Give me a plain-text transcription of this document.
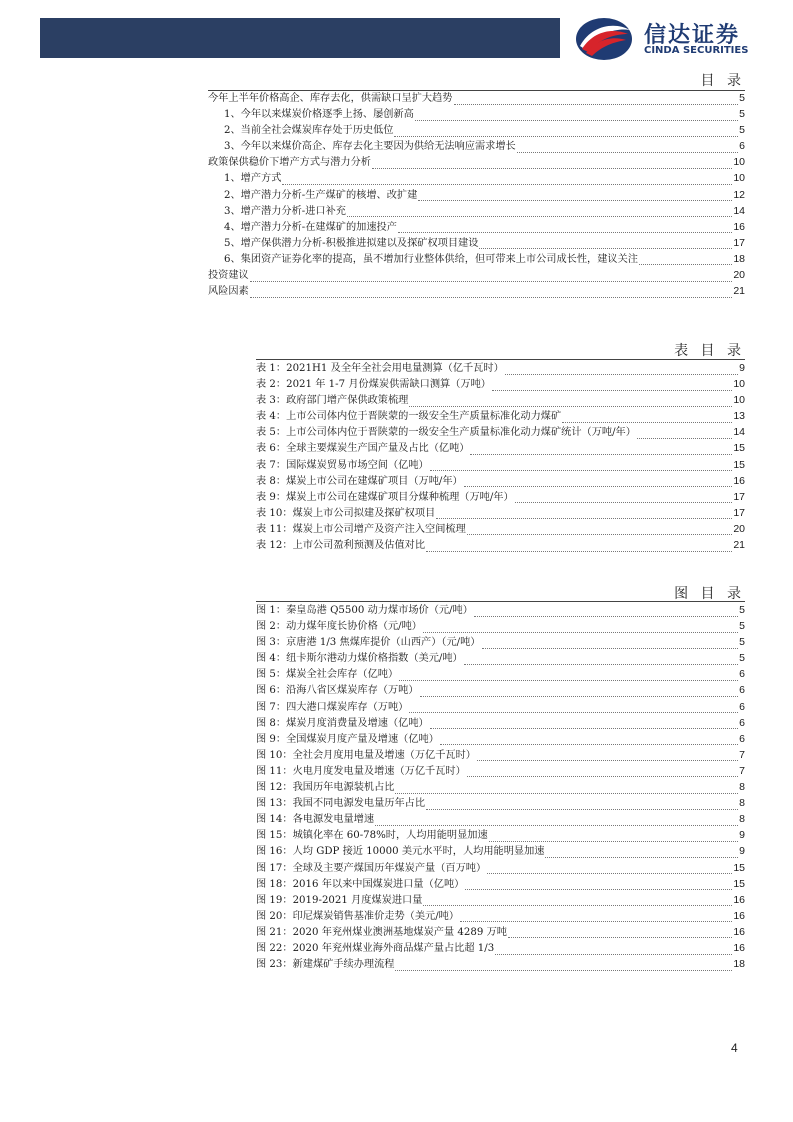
信达证券
CINDA SECURITIES
目 录
今年上半年价格高企、库存去化，供需缺口呈扩大趋势	5
1、今年以来煤炭价格逐季上扬、屡创新高	5
2、当前全社会煤炭库存处于历史低位	5
3、今年以来煤价高企、库存去化主要因为供给无法响应需求增长	6
政策保供稳价下增产方式与潜力分析	10
1、增产方式	10
2、增产潜力分析-生产煤矿的核增、改扩建	12
3、增产潜力分析-进口补充	14
4、增产潜力分析-在建煤矿的加速投产	16
5、增产保供潜力分析-积极推进拟建以及探矿权项目建设	17
6、集团资产证券化率的提高，虽不增加行业整体供给，但可带来上市公司成长性，建议关注	18
投资建议	20
风险因素	21
表 目 录
表 1：2021H1 及全年全社会用电量测算（亿千瓦时）	9
表 2：2021 年 1-7 月份煤炭供需缺口测算（万吨）	10
表 3：政府部门增产保供政策梳理	10
表 4：上市公司体内位于晋陕蒙的一级安全生产质量标准化动力煤矿	13
表 5：上市公司体内位于晋陕蒙的一级安全生产质量标准化动力煤矿统计（万吨/年）	14
表 6：全球主要煤炭生产国产量及占比（亿吨）	15
表 7：国际煤炭贸易市场空间（亿吨）	15
表 8：煤炭上市公司在建煤矿项目（万吨/年）	16
表 9：煤炭上市公司在建煤矿项目分煤种梳理（万吨/年）	17
表 10：煤炭上市公司拟建及探矿权项目	17
表 11：煤炭上市公司增产及资产注入空间梳理	20
表 12：上市公司盈利预测及估值对比	21
图 目 录
图 1：秦皇岛港 Q5500 动力煤市场价（元/吨）	5
图 2：动力煤年度长协价格（元/吨）	5
图 3：京唐港 1/3 焦煤库提价（山西产）（元/吨）	5
图 4：纽卡斯尔港动力煤价格指数（美元/吨）	5
图 5：煤炭全社会库存（亿吨）	6
图 6：沿海八省区煤炭库存（万吨）	6
图 7：四大港口煤炭库存（万吨）	6
图 8：煤炭月度消费量及增速（亿吨）	6
图 9：全国煤炭月度产量及增速（亿吨）	6
图 10：全社会月度用电量及增速（万亿千瓦时）	7
图 11：火电月度发电量及增速（万亿千瓦时）	7
图 12：我国历年电源装机占比	8
图 13：我国不同电源发电量历年占比	8
图 14：各电源发电量增速	8
图 15：城镇化率在 60-78%时，人均用能明显加速	9
图 16：人均 GDP 接近 10000 美元水平时，人均用能明显加速	9
图 17：全球及主要产煤国历年煤炭产量（百万吨）	15
图 18：2016 年以来中国煤炭进口量（亿吨）	15
图 19：2019-2021 月度煤炭进口量	16
图 20：印尼煤炭销售基准价走势（美元/吨）	16
图 21：2020 年兖州煤业澳洲基地煤炭产量 4289 万吨	16
图 22：2020 年兖州煤业海外商品煤产量占比超 1/3	16
图 23：新建煤矿手续办理流程	18
4
